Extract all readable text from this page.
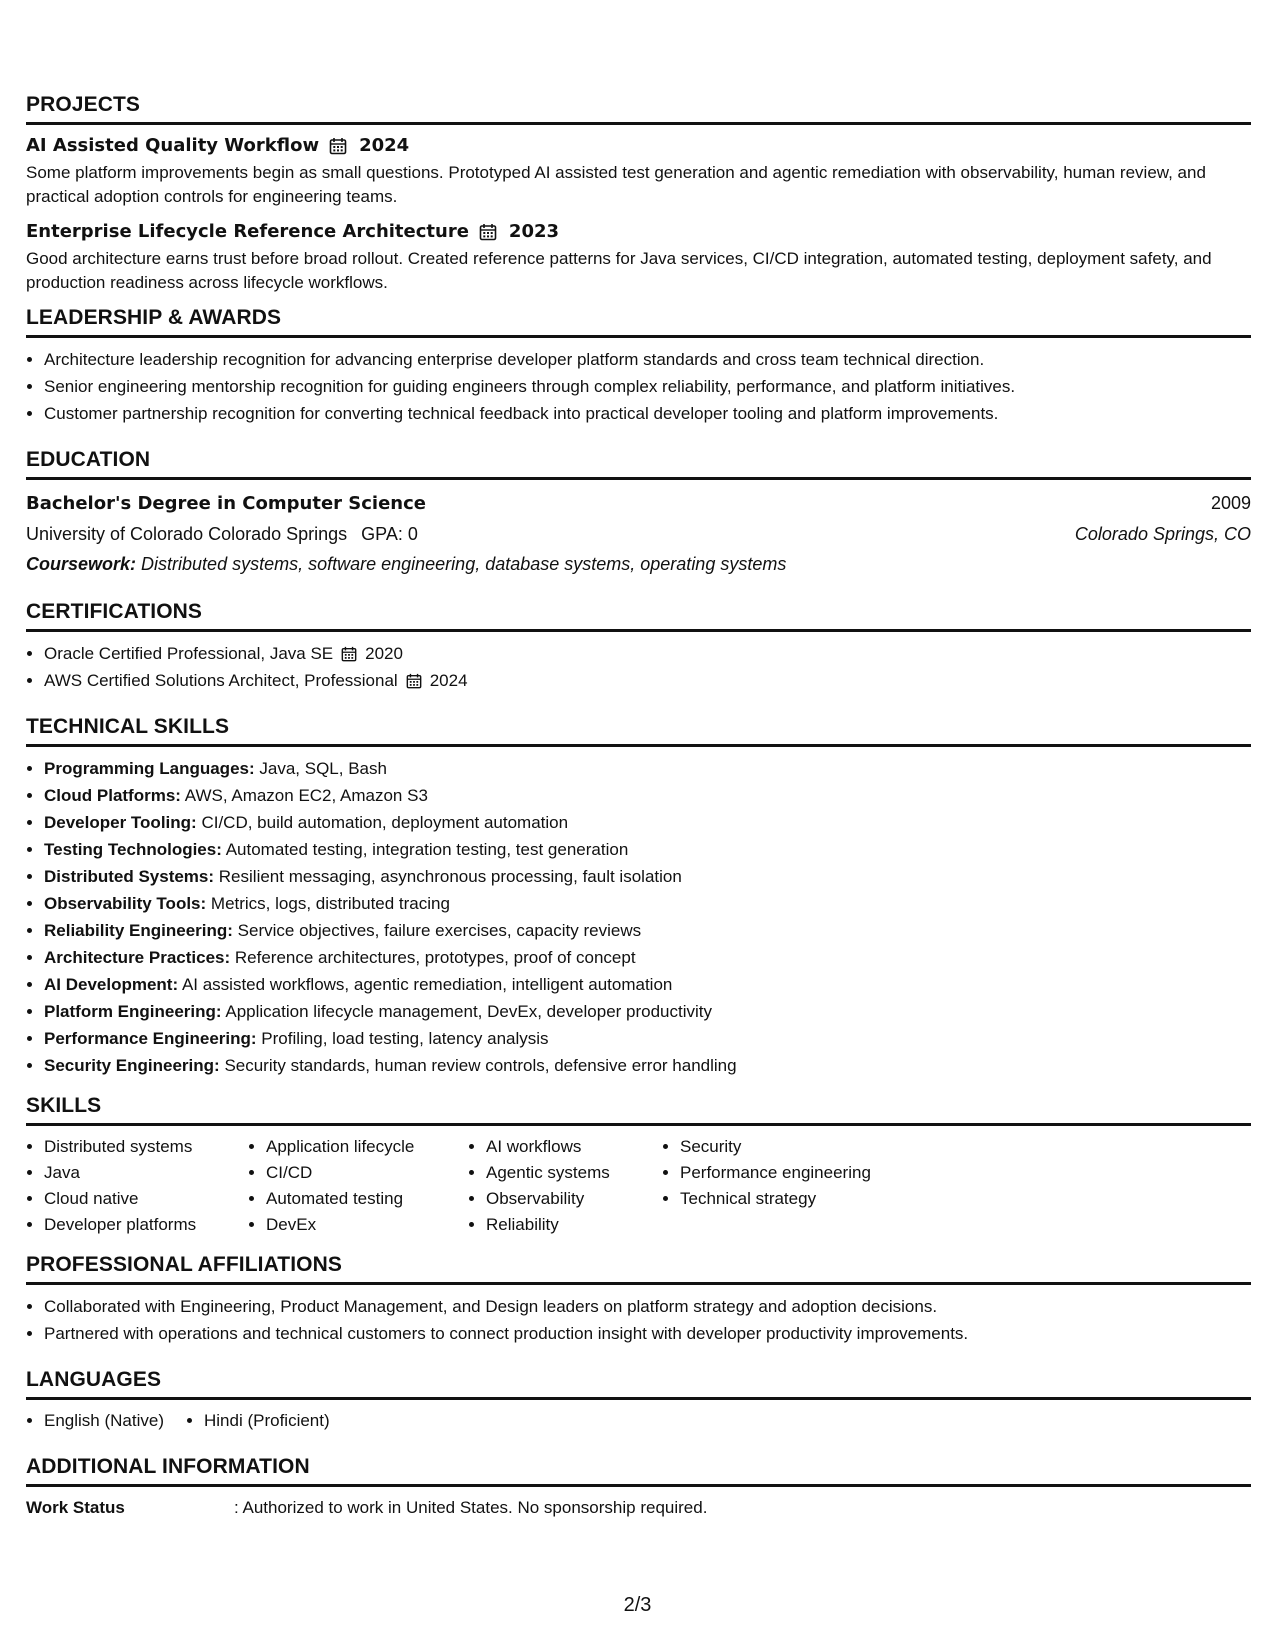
PROJECTS
AI Assisted Quality Workflow 2024
Some platform improvements begin as small questions. Prototyped AI assisted test generation and agentic remediation with observability, human review, and practical adoption controls for engineering teams.
Enterprise Lifecycle Reference Architecture 2023
Good architecture earns trust before broad rollout. Created reference patterns for Java services, CI/CD integration, automated testing, deployment safety, and production readiness across lifecycle workflows.
LEADERSHIP & AWARDS
• Architecture leadership recognition for advancing enterprise developer platform standards and cross team technical direction.
• Senior engineering mentorship recognition for guiding engineers through complex reliability, performance, and platform initiatives.
• Customer partnership recognition for converting technical feedback into practical developer tooling and platform improvements.
EDUCATION
Bachelor's Degree in Computer Science	2009
University of Colorado Colorado Springs GPA: 0	Colorado Springs, CO
Coursework: Distributed systems, software engineering, database systems, operating systems
CERTIFICATIONS
• Oracle Certified Professional, Java SE 2020
• AWS Certified Solutions Architect, Professional 2024
TECHNICAL SKILLS
• Programming Languages: Java, SQL, Bash
• Cloud Platforms: AWS, Amazon EC2, Amazon S3
• Developer Tooling: CI/CD, build automation, deployment automation
• Testing Technologies: Automated testing, integration testing, test generation
• Distributed Systems: Resilient messaging, asynchronous processing, fault isolation
• Observability Tools: Metrics, logs, distributed tracing
• Reliability Engineering: Service objectives, failure exercises, capacity reviews
• Architecture Practices: Reference architectures, prototypes, proof of concept
• AI Development: AI assisted workflows, agentic remediation, intelligent automation
• Platform Engineering: Application lifecycle management, DevEx, developer productivity
• Performance Engineering: Profiling, load testing, latency analysis
• Security Engineering: Security standards, human review controls, defensive error handling
SKILLS
• Distributed systems
• Java
• Cloud native
• Developer platforms
• Application lifecycle
• CI/CD
• Automated testing
• DevEx
• AI workflows
• Agentic systems
• Observability
• Reliability
• Security
• Performance engineering
• Technical strategy
PROFESSIONAL AFFILIATIONS
• Collaborated with Engineering, Product Management, and Design leaders on platform strategy and adoption decisions.
• Partnered with operations and technical customers to connect production insight with developer productivity improvements.
LANGUAGES
• English (Native)
• Hindi (Proficient)
ADDITIONAL INFORMATION
Work Status	: Authorized to work in United States. No sponsorship required.
2/3
